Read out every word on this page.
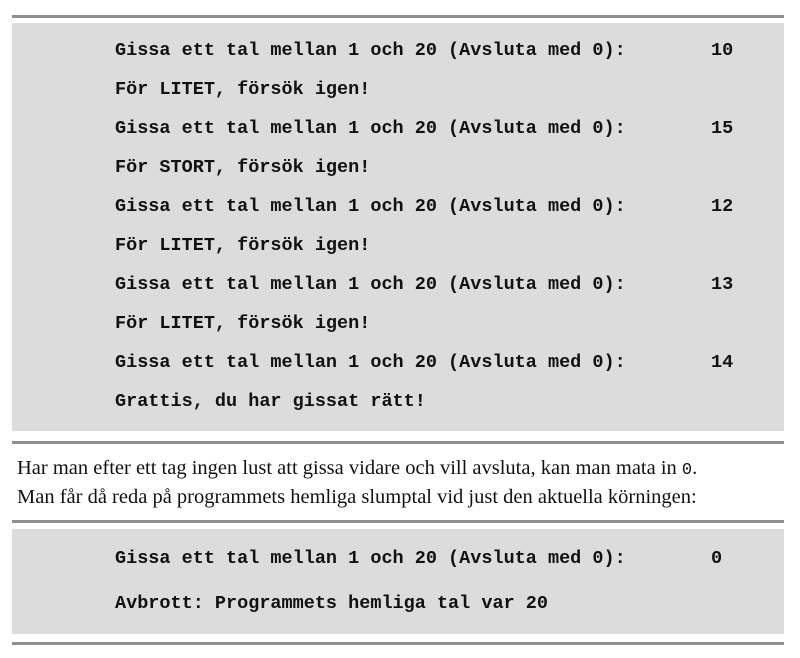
Gissa ett tal mellan 1 och 20 (Avsluta med 0):	10
För LITET, försök igen!
Gissa ett tal mellan 1 och 20 (Avsluta med 0):	15
För STORT, försök igen!
Gissa ett tal mellan 1 och 20 (Avsluta med 0):	12
För LITET, försök igen!
Gissa ett tal mellan 1 och 20 (Avsluta med 0):	13
För LITET, försök igen!
Gissa ett tal mellan 1 och 20 (Avsluta med 0):	14
Grattis, du har gissat rätt!
Har man efter ett tag ingen lust att gissa vidare och vill avsluta, kan man mata in 0.
Man får då reda på programmets hemliga slumptal vid just den aktuella körningen:
Gissa ett tal mellan 1 och 20 (Avsluta med 0):	0
Avbrott: Programmets hemliga tal var 20
